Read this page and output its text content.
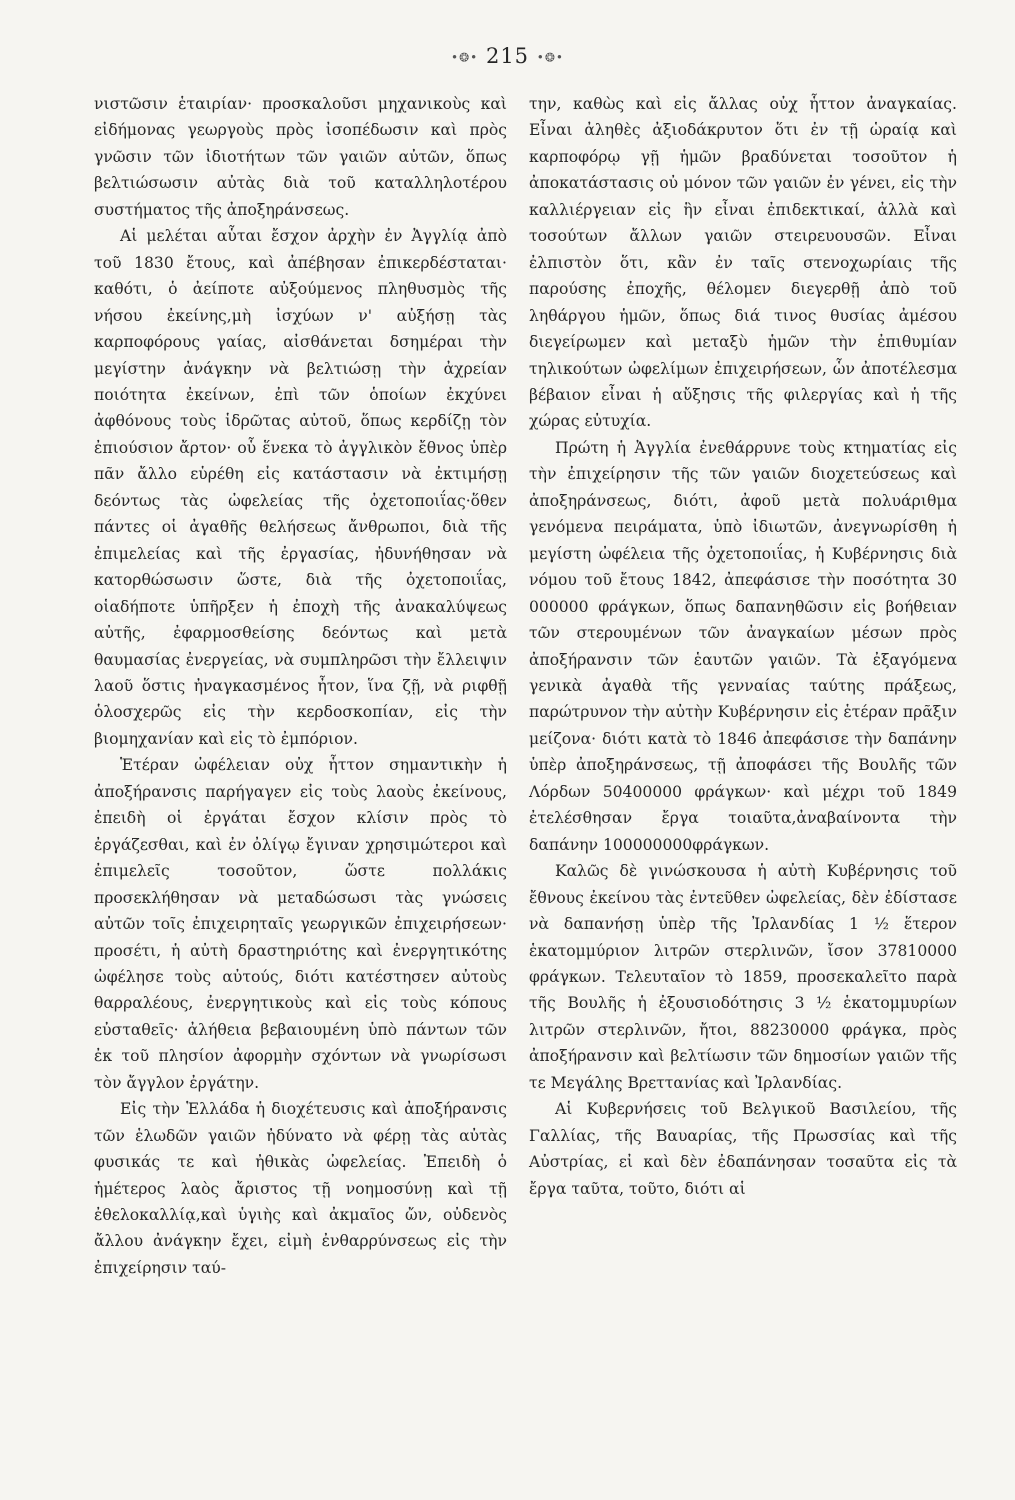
•❂• 215 •❂•

νιστῶσιν ἑταιρίαν· προσκαλοῦσι μηχανικοὺς καὶ εἰδήμονας γεωργοὺς πρὸς ἰσοπέδωσιν καὶ πρὸς γνῶσιν τῶν ἰδιοτήτων τῶν γαιῶν αὐτῶν, ὅπως βελτιώσωσιν αὐτὰς διὰ τοῦ καταλληλοτέρου συστήματος τῆς ἀποξηράνσεως.

Αἱ μελέται αὗται ἔσχον ἀρχὴν ἐν Ἀγγλίᾳ ἀπὸ τοῦ 1830 ἔτους, καὶ ἀπέβησαν ἐπικερδέσταται· καθότι, ὁ ἀείποτε αὐξούμενος πληθυσμὸς τῆς νήσου ἐκείνης,μὴ ἰσχύων ν' αὐξήσῃ τὰς καρποφόρους γαίας, αἰσθάνεται δσημέραι τὴν μεγίστην ἀνάγκην νὰ βελτιώσῃ τὴν ἀχρείαν ποιότητα ἐκείνων, ἐπὶ τῶν ὁποίων ἐκχύνει ἀφθόνους τοὺς ἱδρῶτας αὐτοῦ, ὅπως κερδίζῃ τὸν ἐπιούσιον ἄρτον· οὗ ἕνεκα τὸ ἀγγλικὸν ἔθνος ὑπὲρ πᾶν ἄλλο εὑρέθη εἰς κατάστασιν νὰ ἐκτιμήσῃ δεόντως τὰς ὠφελείας τῆς ὀχετοποιΐας·ὅθεν πάντες οἱ ἀγαθῆς θελήσεως ἄνθρωποι, διὰ τῆς ἐπιμελείας καὶ τῆς ἐργασίας, ἠδυνήθησαν νὰ κατορθώσωσιν ὥστε, διὰ τῆς ὀχετοποιΐας, οἱαδήποτε ὑπῆρξεν ἡ ἐποχὴ τῆς ἀνακαλύψεως αὐτῆς, ἐφαρμοσθείσης δεόντως καὶ μετὰ θαυμασίας ἐνεργείας, νὰ συμπληρῶσι τὴν ἔλλειψιν λαοῦ ὅστις ἠναγκασμένος ἦτον, ἵνα ζῇ, νὰ ριφθῇ ὁλοσχερῶς εἰς τὴν κερδοσκοπίαν, εἰς τὴν βιομηχανίαν καὶ εἰς τὸ ἐμπόριον.

Ἑτέραν ὠφέλειαν οὐχ ἧττον σημαντικὴν ἡ ἀποξήρανσις παρήγαγεν εἰς τοὺς λαοὺς ἐκείνους, ἐπειδὴ οἱ ἐργάται ἔσχον κλίσιν πρὸς τὸ ἐργάζεσθαι, καὶ ἐν ὀλίγῳ ἔγιναν χρησιμώτεροι καὶ ἐπιμελεῖς τοσοῦτον, ὥστε πολλάκις προσεκλήθησαν νὰ μεταδώσωσι τὰς γνώσεις αὐτῶν τοῖς ἐπιχειρηταῖς γεωργικῶν ἐπιχειρήσεων· προσέτι, ἡ αὐτὴ δραστηριότης καὶ ἐνεργητικότης ὠφέλησε τοὺς αὐτούς, διότι κατέστησεν αὐτοὺς θαρραλέους, ἐνεργητικοὺς καὶ εἰς τοὺς κόπους εὐσταθεῖς· ἀλήθεια βεβαιουμένη ὑπὸ πάντων τῶν ἐκ τοῦ πλησίον ἀφορμὴν σχόντων νὰ γνωρίσωσι τὸν ἄγγλον ἐργάτην.

Εἰς τὴν Ἑλλάδα ἡ διοχέτευσις καὶ ἀποξήρανσις τῶν ἑλωδῶν γαιῶν ἠδύνατο νὰ φέρῃ τὰς αὐτὰς φυσικάς τε καὶ ἠθικὰς ὠφελείας. Ἐπειδὴ ὁ ἡμέτερος λαὸς ἄριστος τῇ νοημοσύνῃ καὶ τῇ ἐθελοκαλλίᾳ,καὶ ὑγιὴς καὶ ἀκμαῖος ὤν, οὐδενὸς ἄλλου ἀνάγκην ἔχει, εἰμὴ ἐνθαρρύνσεως εἰς τὴν ἐπιχείρησιν ταύ-

την, καθὼς καὶ εἰς ἄλλας οὐχ ἧττον ἀναγκαίας. Εἶναι ἀληθὲς ἀξιοδάκρυτον ὅτι ἐν τῇ ὡραίᾳ καὶ καρποφόρῳ γῇ ἡμῶν βραδύνεται τοσοῦτον ἡ ἀποκατάστασις οὐ μόνον τῶν γαιῶν ἐν γένει, εἰς τὴν καλλιέργειαν εἰς ἣν εἶναι ἐπιδεκτικαί, ἀλλὰ καὶ τοσούτων ἄλλων γαιῶν στειρευουσῶν. Εἶναι ἐλπιστὸν ὅτι, κἂν ἐν ταῖς στενοχωρίαις τῆς παρούσης ἐποχῆς, θέλομεν διεγερθῇ ἀπὸ τοῦ ληθάργου ἡμῶν, ὅπως διά τινος θυσίας ἀμέσου διεγείρωμεν καὶ μεταξὺ ἡμῶν τὴν ἐπιθυμίαν τηλικούτων ὠφελίμων ἐπιχειρήσεων, ὧν ἀποτέλεσμα βέβαιον εἶναι ἡ αὔξησις τῆς φιλεργίας καὶ ἡ τῆς χώρας εὐτυχία.

Πρώτη ἡ Ἀγγλία ἐνεθάρρυνε τοὺς κτηματίας εἰς τὴν ἐπιχείρησιν τῆς τῶν γαιῶν διοχετεύσεως καὶ ἀποξηράνσεως, διότι, ἀφοῦ μετὰ πολυάριθμα γενόμενα πειράματα, ὑπὸ ἰδιωτῶν, ἀνεγνωρίσθη ἡ μεγίστη ὠφέλεια τῆς ὀχετοποιΐας, ἡ Κυβέρνησις διὰ νόμου τοῦ ἔτους 1842, ἀπεφάσισε τὴν ποσότητα 30 000000 φράγκων, ὅπως δαπανηθῶσιν εἰς βοήθειαν τῶν στερουμένων τῶν ἀναγκαίων μέσων πρὸς ἀποξήρανσιν τῶν ἑαυτῶν γαιῶν. Τὰ ἐξαγόμενα γενικὰ ἀγαθὰ τῆς γενναίας ταύτης πράξεως, παρώτρυνον τὴν αὐτὴν Κυβέρνησιν εἰς ἑτέραν πρᾶξιν μείζονα· διότι κατὰ τὸ 1846 ἀπεφάσισε τὴν δαπάνην ὑπὲρ ἀποξηράνσεως, τῇ ἀποφάσει τῆς Βουλῆς τῶν Λόρδων 50400000 φράγκων· καὶ μέχρι τοῦ 1849 ἐτελέσθησαν ἔργα τοιαῦτα,ἀναβαίνοντα τὴν δαπάνην 100000000φράγκων.

Καλῶς δὲ γινώσκουσα ἡ αὐτὴ Κυβέρνησις τοῦ ἔθνους ἐκείνου τὰς ἐντεῦθεν ὠφελείας, δὲν ἐδίστασε νὰ δαπανήσῃ ὑπὲρ τῆς Ἰρλανδίας 1 ½ ἕτερον ἑκατομμύριον λιτρῶν στερλινῶν, ἴσον 37810000 φράγκων. Τελευταῖον τὸ 1859, προσεκαλεῖτο παρὰ τῆς Βουλῆς ἡ ἐξουσιοδότησις 3 ½ ἑκατομμυρίων λιτρῶν στερλινῶν, ἤτοι, 88230000 φράγκα, πρὸς ἀποξήρανσιν καὶ βελτίωσιν τῶν δημοσίων γαιῶν τῆς τε Μεγάλης Βρεττανίας καὶ Ἰρλανδίας.

Αἱ Κυβερνήσεις τοῦ Βελγικοῦ Βασιλείου, τῆς Γαλλίας, τῆς Βαυαρίας, τῆς Πρωσσίας καὶ τῆς Αὐστρίας, εἰ καὶ δὲν ἐδαπάνησαν τοσαῦτα εἰς τὰ ἔργα ταῦτα, τοῦτο, διότι αἱ
